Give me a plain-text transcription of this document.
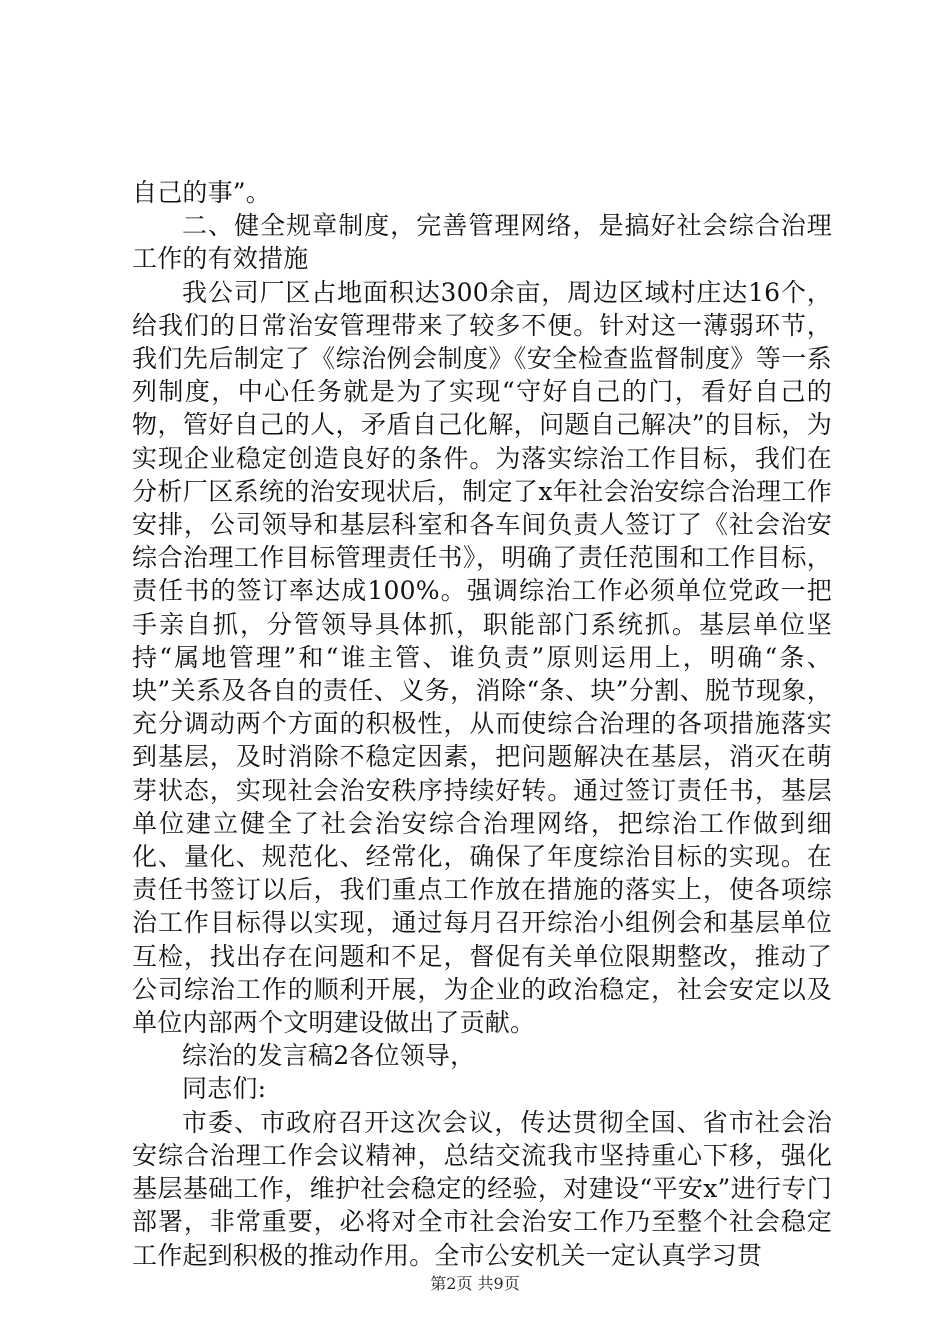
自己的事”。

二、健全规章制度，完善管理网络，是搞好社会综合治理工作的有效措施

我公司厂区占地面积达300余亩，周边区域村庄达16个，给我们的日常治安管理带来了较多不便。针对这一薄弱环节，我们先后制定了《综治例会制度》《安全检查监督制度》等一系列制度，中心任务就是为了实现“守好自己的门，看好自己的物，管好自己的人，矛盾自己化解，问题自己解决”的目标，为实现企业稳定创造良好的条件。为落实综治工作目标，我们在分析厂区系统的治安现状后，制定了x年社会治安综合治理工作安排，公司领导和基层科室和各车间负责人签订了《社会治安综合治理工作目标管理责任书》，明确了责任范围和工作目标，责任书的签订率达成100%。强调综治工作必须单位党政一把手亲自抓，分管领导具体抓，职能部门系统抓。基层单位坚持“属地管理”和“谁主管、谁负责”原则运用上，明确“条、块”关系及各自的责任、义务，消除“条、块”分割、脱节现象，充分调动两个方面的积极性，从而使综合治理的各项措施落实到基层，及时消除不稳定因素，把问题解决在基层，消灭在萌芽状态，实现社会治安秩序持续好转。通过签订责任书，基层单位建立健全了社会治安综合治理网络，把综治工作做到细化、量化、规范化、经常化，确保了年度综治目标的实现。在责任书签订以后，我们重点工作放在措施的落实上，使各项综治工作目标得以实现，通过每月召开综治小组例会和基层单位互检，找出存在问题和不足，督促有关单位限期整改，推动了公司综治工作的顺利开展，为企业的政治稳定，社会安定以及单位内部两个文明建设做出了贡献。

综治的发言稿2各位领导，

同志们:

市委、市政府召开这次会议，传达贯彻全国、省市社会治安综合治理工作会议精神，总结交流我市坚持重心下移，强化基层基础工作，维护社会稳定的经验，对建设“平安x”进行专门部署，非常重要，必将对全市社会治安工作乃至整个社会稳定工作起到积极的推动作用。全市公安机关一定认真学习贯

第2页 共9页
